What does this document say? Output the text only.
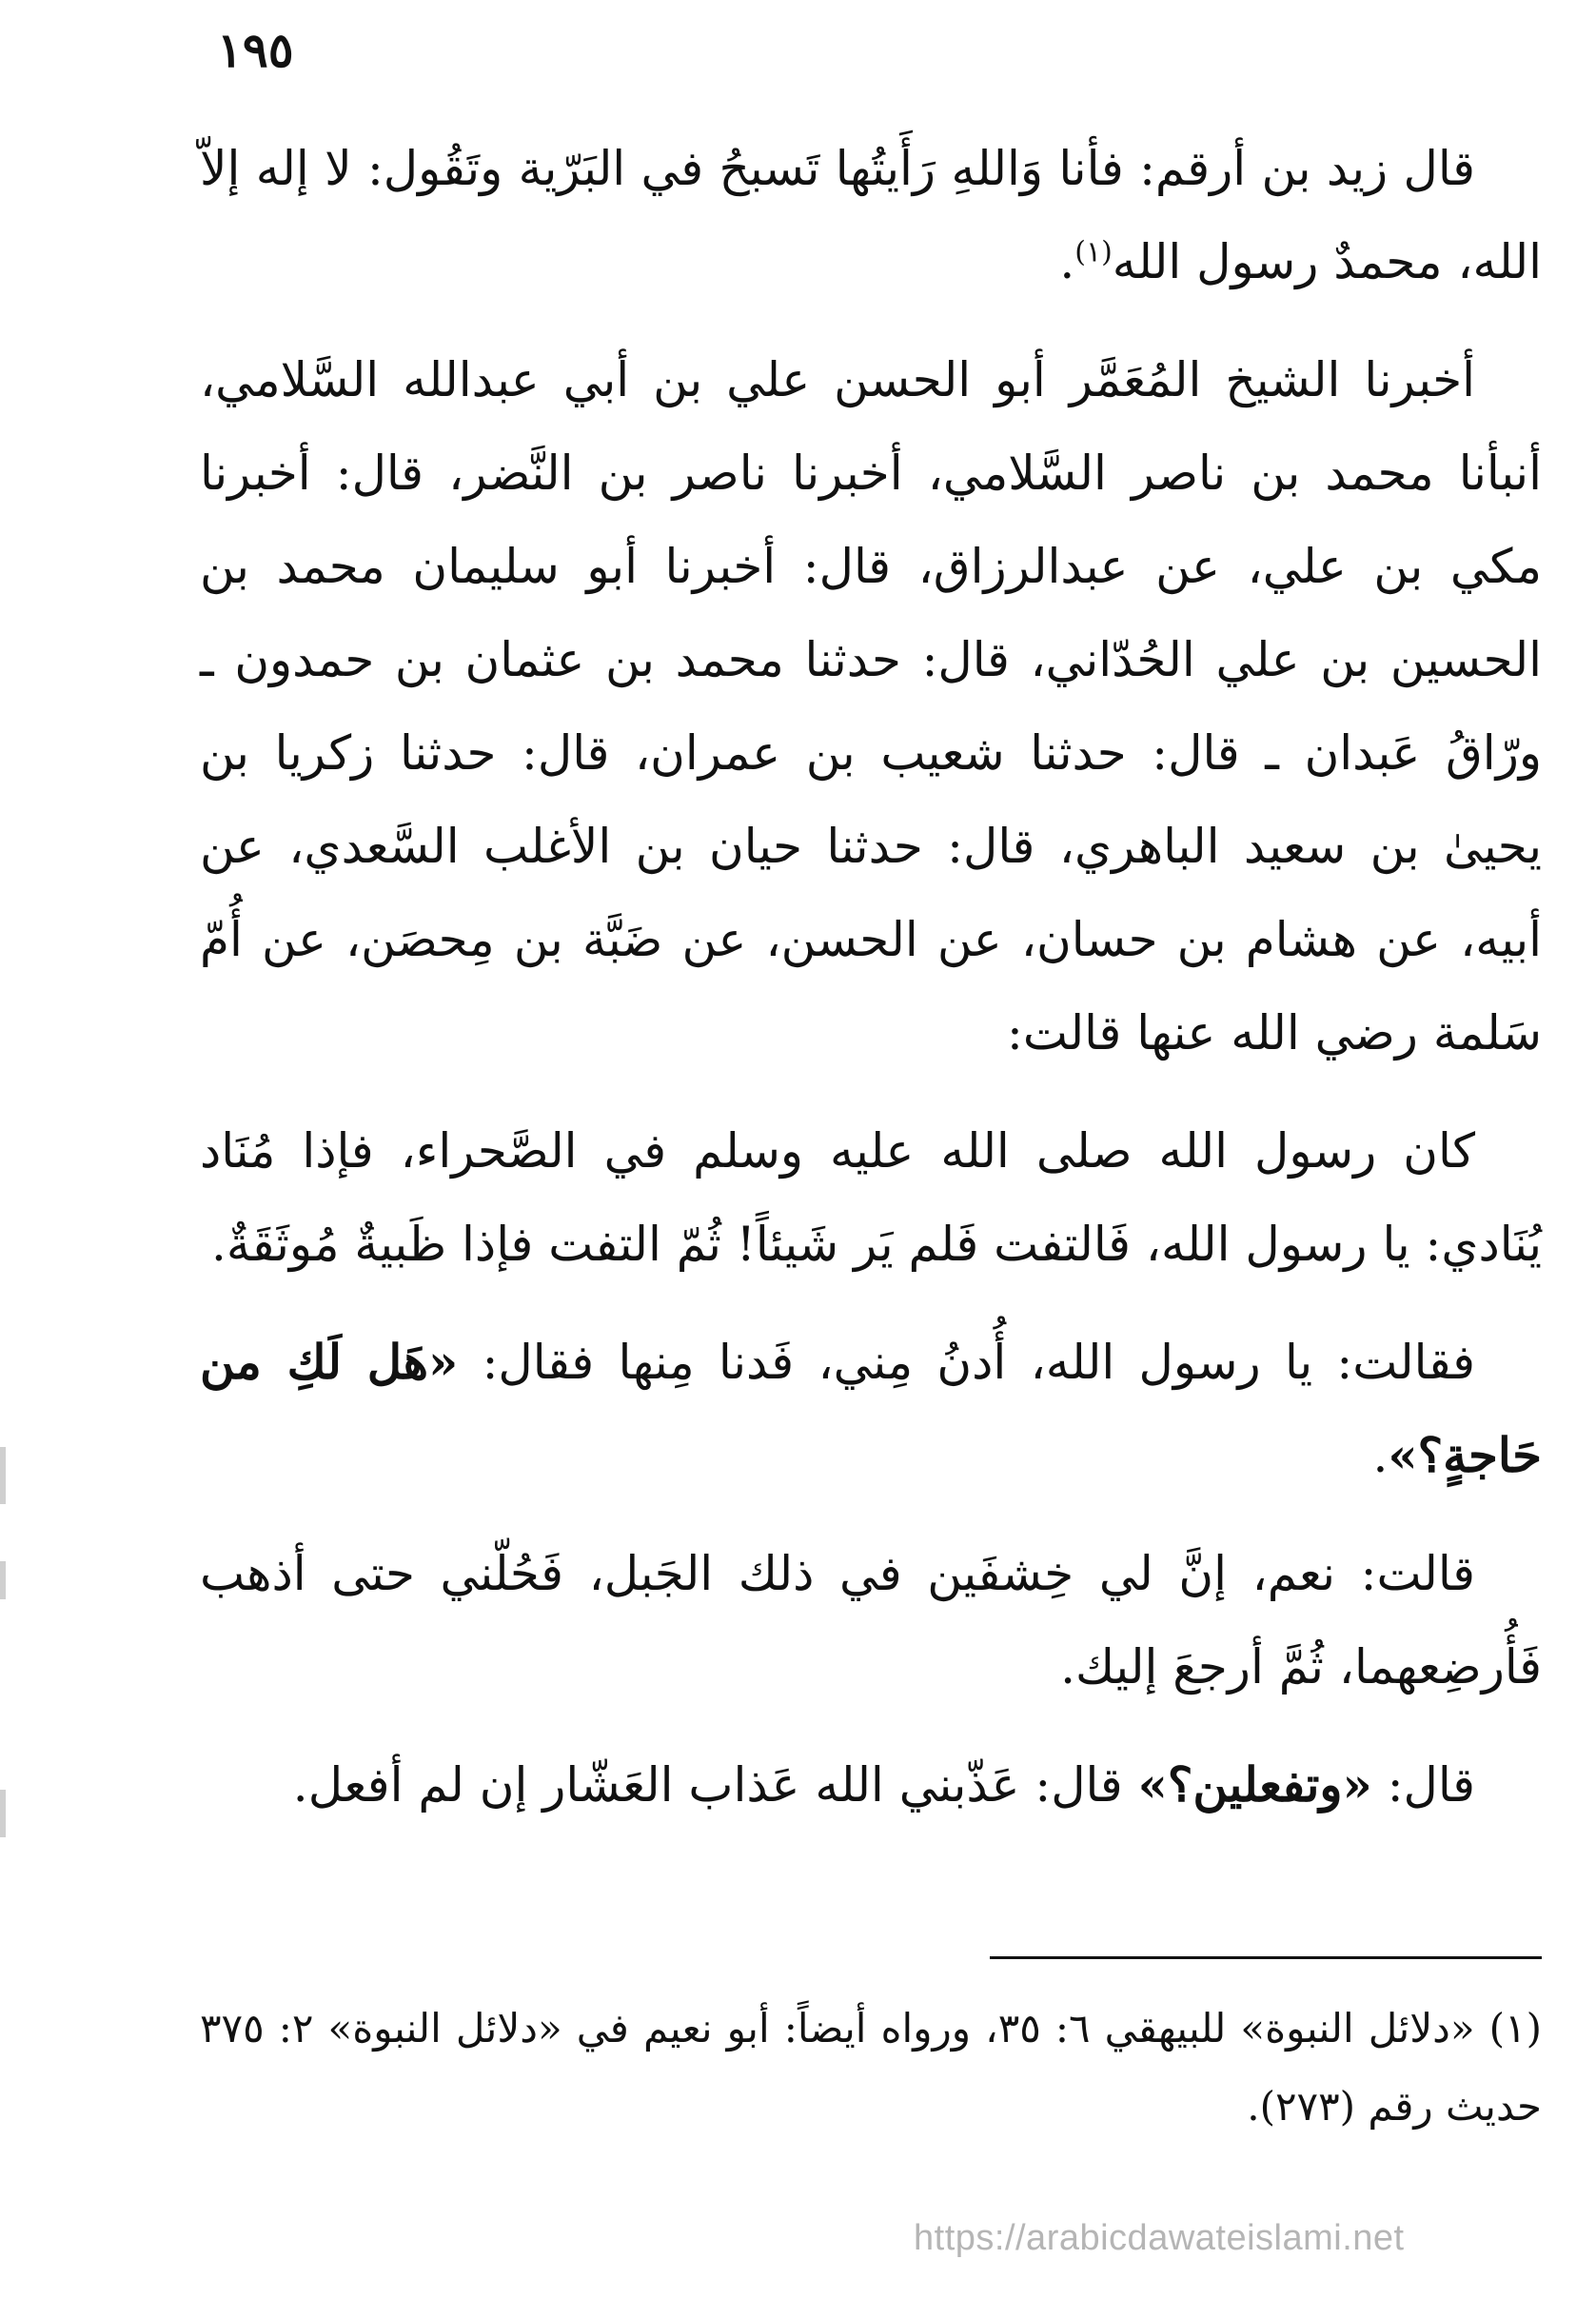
١٩٥

قال زيد بن أرقم: فأنا وَاللهِ رَأَيتُها تَسبحُ في البَرّية وتَقُول: لا إله إلاّ الله، محمدٌ رسول الله$^{(١)}$.

أخبرنا الشيخ المُعَمَّر أبو الحسن علي بن أبي عبدالله السَّلامي، أنبأنا محمد بن ناصر السَّلامي، أخبرنا ناصر بن النَّضر، قال: أخبرنا مكي بن علي، عن عبدالرزاق، قال: أخبرنا أبو سليمان محمد بن الحسين بن علي الحُدّاني، قال: حدثنا محمد بن عثمان بن حمدون ـ ورّاقُ عَبدان ـ قال: حدثنا شعيب بن عمران، قال: حدثنا زكريا بن يحيىٰ بن سعيد الباهري، قال: حدثنا حيان بن الأغلب السَّعدي، عن أبيه، عن هشام بن حسان، عن الحسن، عن ضَبَّة بن مِحصَن، عن أُمّ سَلمة رضي الله عنها قالت:

كان رسول الله صلى الله عليه وسلم في الصَّحراء، فإذا مُنَاد يُنَادي: يا رسول الله، فَالتفت فَلم يَر شَيئاً! ثُمّ التفت فإذا ظَبيةٌ مُوثَقَةٌ.

فقالت: يا رسول الله، أُدنُ مِني، فَدنا مِنها فقال: «هَل لَكِ من حَاجةٍ؟».

قالت: نعم، إنَّ لي خِشفَين في ذلك الجَبل، فَحُلّني حتى أذهب فَأُرضِعهما، ثُمَّ أرجعَ إليك.

قال: «وتفعلين؟» قال: عَذّبني الله عَذاب العَشّار إن لم أفعل.

(١) «دلائل النبوة» للبيهقي ٦: ٣٥، ورواه أيضاً: أبو نعيم في «دلائل النبوة» ٢: ٣٧٥ حديث رقم (٢٧٣).

https://arabicdawateislami.net
